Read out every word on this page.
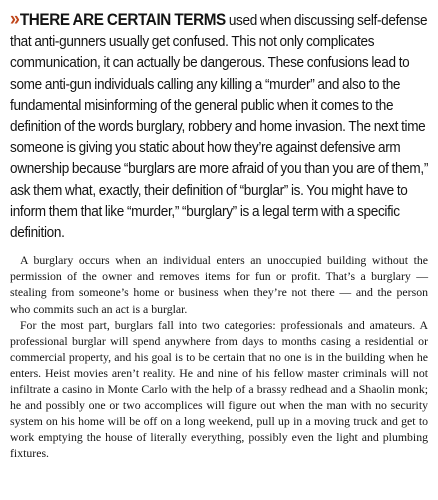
» THERE ARE CERTAIN TERMS used when discussing self-defense that anti-gunners usually get confused. This not only complicates communication, it can actually be dangerous. These confusions lead to some anti-gun individuals calling any killing a “murder” and also to the fundamental misinforming of the general public when it comes to the definition of the words burglary, robbery and home invasion. The next time someone is giving you static about how they’re against defensive arm ownership because “burglars are more afraid of you than you are of them,” ask them what, exactly, their definition of “burglar” is. You might have to inform them that like “murder,” “burglary” is a legal term with a specific definition.

A burglary occurs when an individual enters an unoccupied building without the permission of the owner and removes items for fun or profit. That’s a burglary —stealing from someone’s home or business when they’re not there — and the person who commits such an act is a burglar.

For the most part, burglars fall into two categories: professionals and amateurs. A professional burglar will spend anywhere from days to months casing a residential or commercial property, and his goal is to be certain that no one is in the building when he enters. Heist movies aren’t reality. He and nine of his fellow master criminals will not infiltrate a casino in Monte Carlo with the help of a brassy redhead and a Shaolin monk; he and possibly one or two accomplices will figure out when the man with no security system on his home will be off on a long weekend, pull up in a moving truck and get to work emptying the house of literally everything, possibly even the light and plumbing fixtures.
